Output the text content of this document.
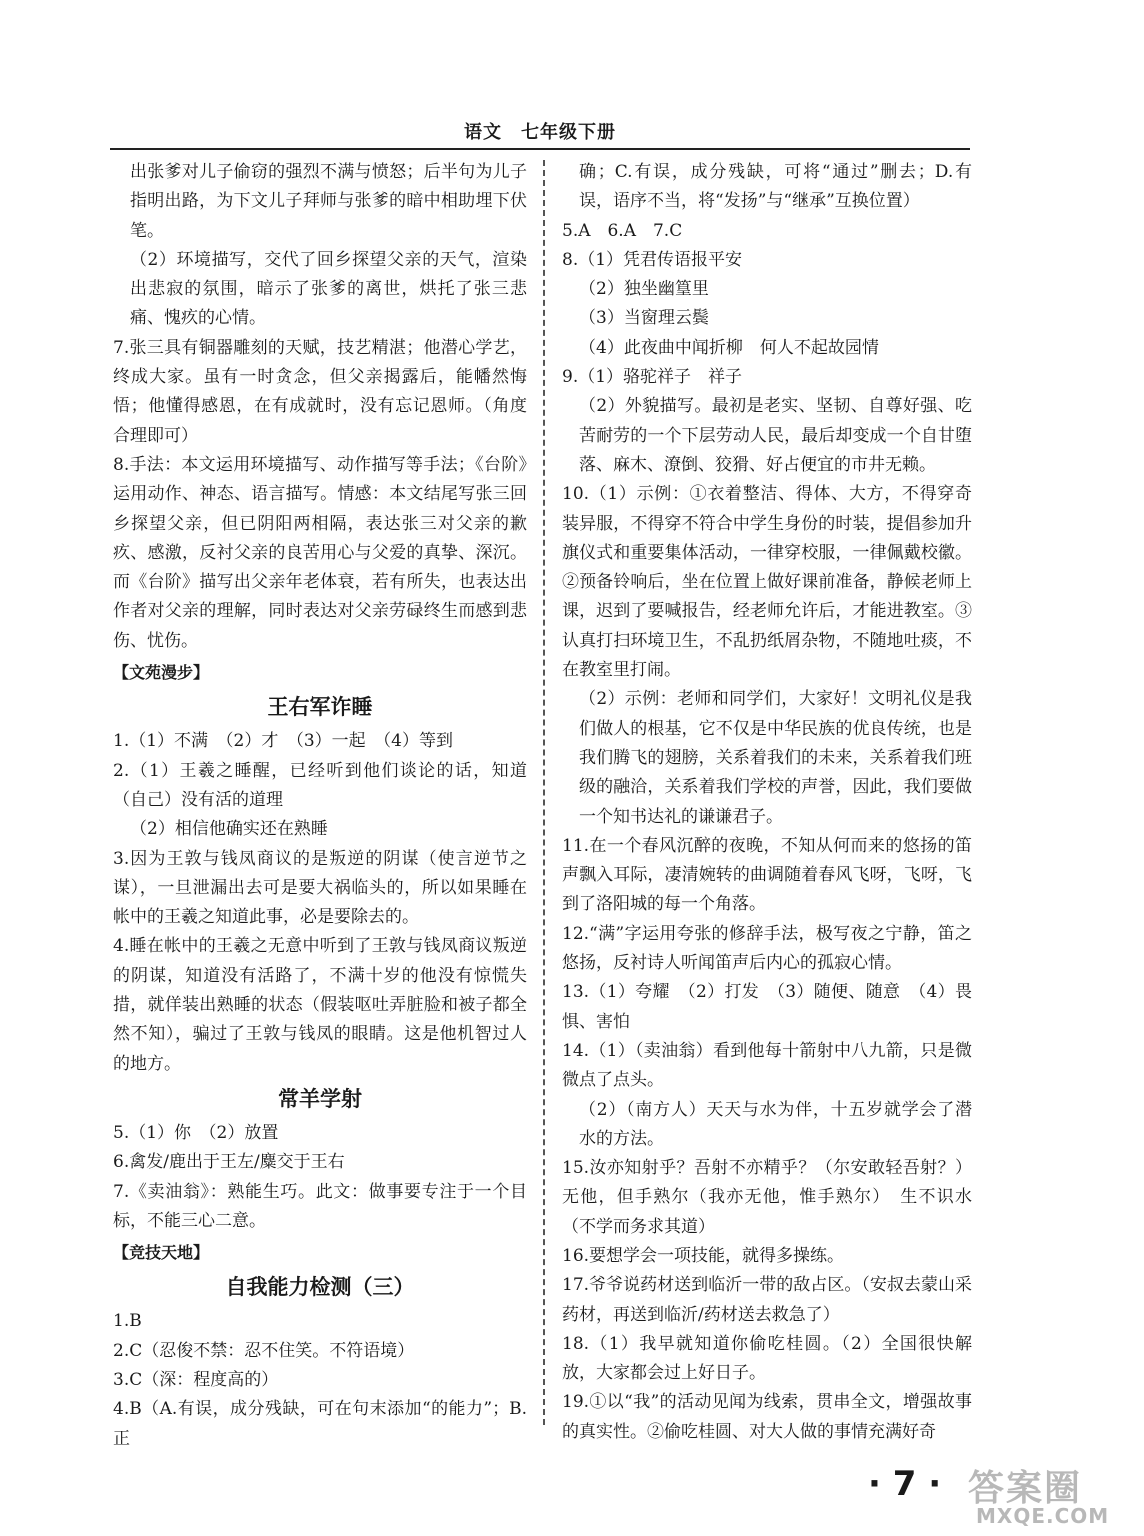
语文　七年级下册

出张爹对儿子偷窃的强烈不满与愤怒；后半句为儿子指明出路，为下文儿子拜师与张爹的暗中相助埋下伏笔。

（2）环境描写，交代了回乡探望父亲的天气，渲染出悲寂的氛围，暗示了张爹的离世，烘托了张三悲痛、愧疚的心情。

7.张三具有铜器雕刻的天赋，技艺精湛；他潜心学艺，终成大家。虽有一时贪念，但父亲揭露后，能幡然悔悟；他懂得感恩，在有成就时，没有忘记恩师。（角度合理即可）

8.手法：本文运用环境描写、动作描写等手法；《台阶》运用动作、神态、语言描写。情感：本文结尾写张三回乡探望父亲，但已阴阳两相隔，表达张三对父亲的歉疚、感激，反衬父亲的良苦用心与父爱的真挚、深沉。而《台阶》描写出父亲年老体衰，若有所失，也表达出作者对父亲的理解，同时表达对父亲劳碌终生而感到悲伤、忧伤。

【文苑漫步】
王右军诈睡

1.（1）不满　（2）才　（3）一起　（4）等到

2.（1）王羲之睡醒，已经听到他们谈论的话，知道（自己）没有活的道理

（2）相信他确实还在熟睡

3.因为王敦与钱凤商议的是叛逆的阴谋（使言逆节之谋），一旦泄漏出去可是要大祸临头的，所以如果睡在帐中的王羲之知道此事，必是要除去的。

4.睡在帐中的王羲之无意中听到了王敦与钱凤商议叛逆的阴谋，知道没有活路了，不满十岁的他没有惊慌失措，就佯装出熟睡的状态（假装呕吐弄脏脸和被子都全然不知），骗过了王敦与钱凤的眼睛。这是他机智过人的地方。

常羊学射

5.（1）你　（2）放置

6.禽发/鹿出于王左/麋交于王右

7.《卖油翁》：熟能生巧。此文：做事要专注于一个目标，不能三心二意。

【竞技天地】
自我能力检测（三）

1.B

2.C（忍俊不禁：忍不住笑。不符语境）

3.C（深：程度高的）

4.B（A.有误，成分残缺，可在句末添加“的能力”；B.正

确；C.有误，成分残缺，可将“通过”删去；D.有误，语序不当，将“发扬”与“继承”互换位置）

5.A　6.A　7.C

8.（1）凭君传语报平安

（2）独坐幽篁里

（3）当窗理云鬓

（4）此夜曲中闻折柳　何人不起故园情

9.（1）骆驼祥子　祥子

（2）外貌描写。最初是老实、坚韧、自尊好强、吃苦耐劳的一个下层劳动人民，最后却变成一个自甘堕落、麻木、潦倒、狡猾、好占便宜的市井无赖。

10.（1）示例：①衣着整洁、得体、大方，不得穿奇装异服，不得穿不符合中学生身份的时装，提倡参加升旗仪式和重要集体活动，一律穿校服，一律佩戴校徽。②预备铃响后，坐在位置上做好课前准备，静候老师上课，迟到了要喊报告，经老师允许后，才能进教室。③认真打扫环境卫生，不乱扔纸屑杂物，不随地吐痰，不在教室里打闹。

（2）示例：老师和同学们，大家好！文明礼仪是我们做人的根基，它不仅是中华民族的优良传统，也是我们腾飞的翅膀，关系着我们的未来，关系着我们班级的融洽，关系着我们学校的声誉，因此，我们要做一个知书达礼的谦谦君子。

11.在一个春风沉醉的夜晚，不知从何而来的悠扬的笛声飘入耳际，凄清婉转的曲调随着春风飞呀，飞呀，飞到了洛阳城的每一个角落。

12.“满”字运用夸张的修辞手法，极写夜之宁静，笛之悠扬，反衬诗人听闻笛声后内心的孤寂心情。

13.（1）夸耀　（2）打发　（3）随便、随意　（4）畏惧、害怕

14.（1）（卖油翁）看到他每十箭射中八九箭，只是微微点了点头。

（2）（南方人）天天与水为伴，十五岁就学会了潜水的方法。

15.汝亦知射乎？吾射不亦精乎？（尔安敢轻吾射？）无他，但手熟尔（我亦无他，惟手熟尔）　生不识水（不学而务求其道）

16.要想学会一项技能，就得多操练。

17.爷爷说药材送到临沂一带的敌占区。（安叔去蒙山采药材，再送到临沂/药材送去救急了）

18.（1）我早就知道你偷吃桂圆。（2）全国很快解放，大家都会过上好日子。

19.①以“我”的活动见闻为线索，贯串全文，增强故事的真实性。②偷吃桂圆、对大人做的事情充满好奇

· 7 · 答案圈
MXQE.COM
